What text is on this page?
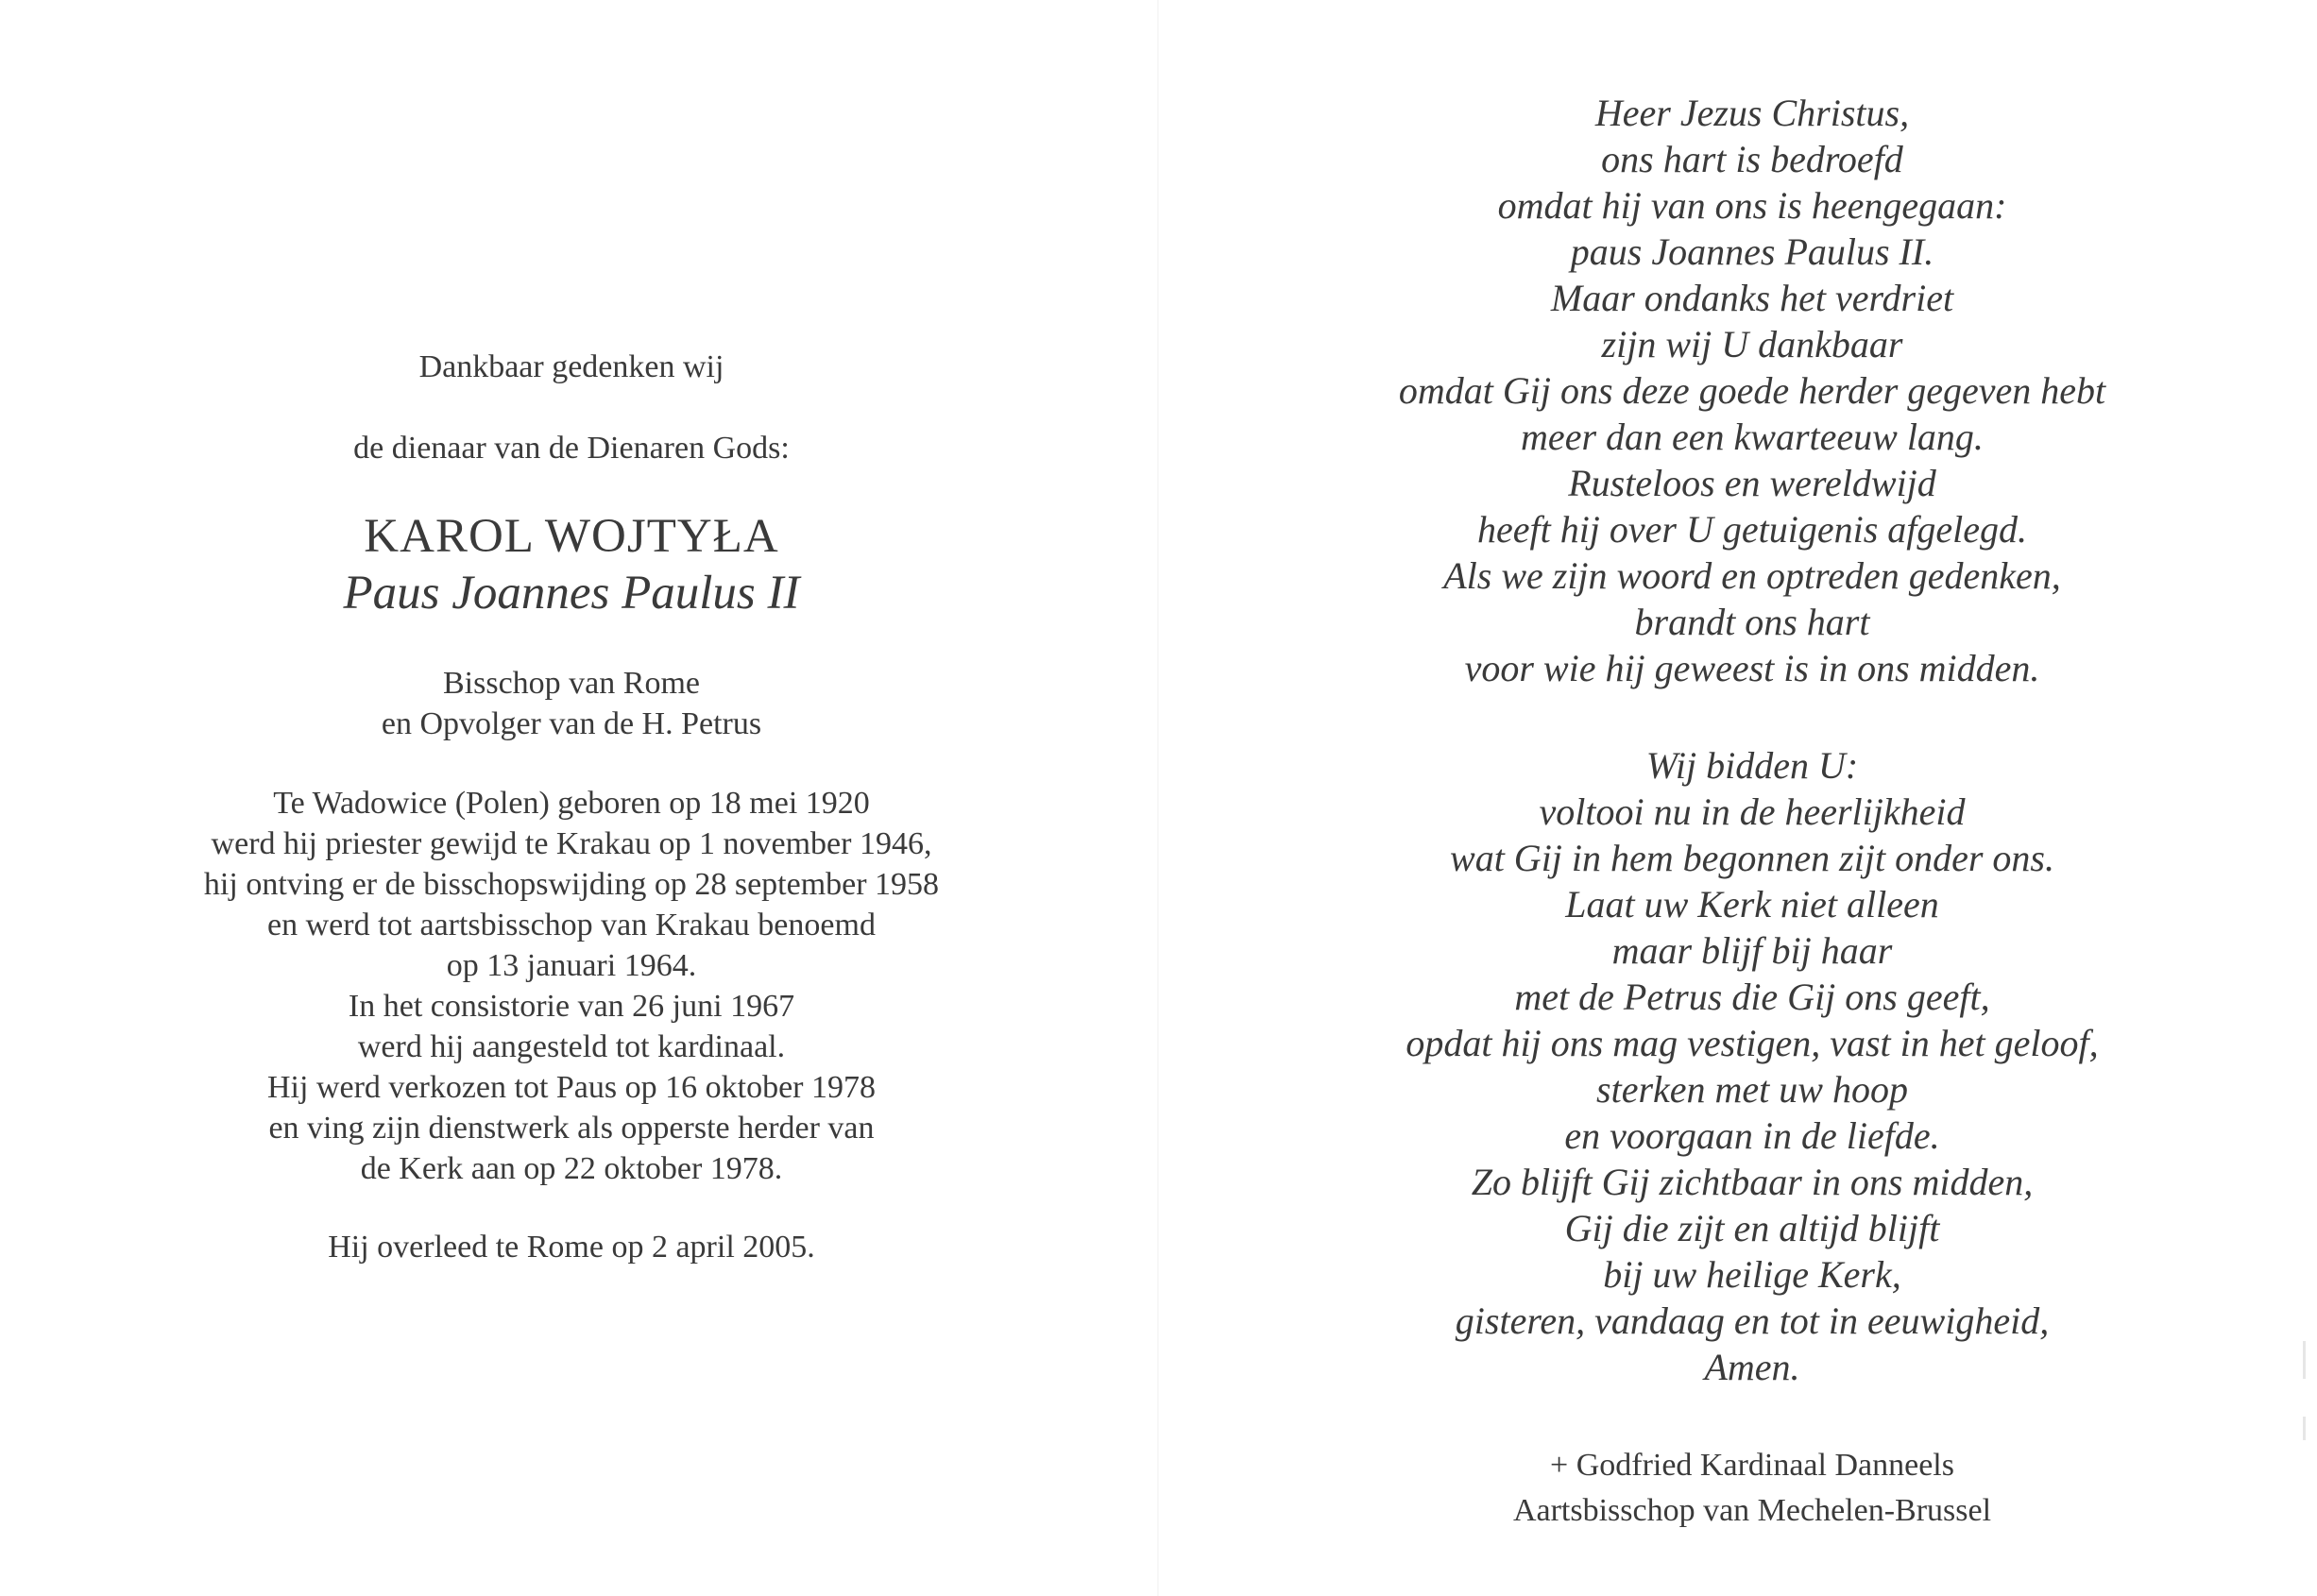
Dankbaar gedenken wij
de dienaar van de Dienaren Gods:
KAROL WOJTYŁA
Paus Joannes Paulus II
Bisschop van Rome
en Opvolger van de H. Petrus
Te Wadowice (Polen) geboren op 18 mei 1920
werd hij priester gewijd te Krakau op 1 november 1946,
hij ontving er de bisschopswijding op 28 september 1958
en werd tot aartsbisschop van Krakau benoemd
op 13 januari 1964.
In het consistorie van 26 juni 1967
werd hij aangesteld tot kardinaal.
Hij werd verkozen tot Paus op 16 oktober 1978
en ving zijn dienstwerk als opperste herder van
de Kerk aan op 22 oktober 1978.
Hij overleed te Rome op 2 april 2005.
Heer Jezus Christus,
ons hart is bedroefd
omdat hij van ons is heengegaan:
paus Joannes Paulus II.
Maar ondanks het verdriet
zijn wij U dankbaar
omdat Gij ons deze goede herder gegeven hebt
meer dan een kwarteeuw lang.
Rusteloos en wereldwijd
heeft hij over U getuigenis afgelegd.
Als we zijn woord en optreden gedenken,
brandt ons hart
voor wie hij geweest is in ons midden.
Wij bidden U:
voltooi nu in de heerlijkheid
wat Gij in hem begonnen zijt onder ons.
Laat uw Kerk niet alleen
maar blijf bij haar
met de Petrus die Gij ons geeft,
opdat hij ons mag vestigen, vast in het geloof,
sterken met uw hoop
en voorgaan in de liefde.
Zo blijft Gij zichtbaar in ons midden,
Gij die zijt en altijd blijft
bij uw heilige Kerk,
gisteren, vandaag en tot in eeuwigheid,
Amen.
+ Godfried Kardinaal Danneels
Aartsbisschop van Mechelen-Brussel
